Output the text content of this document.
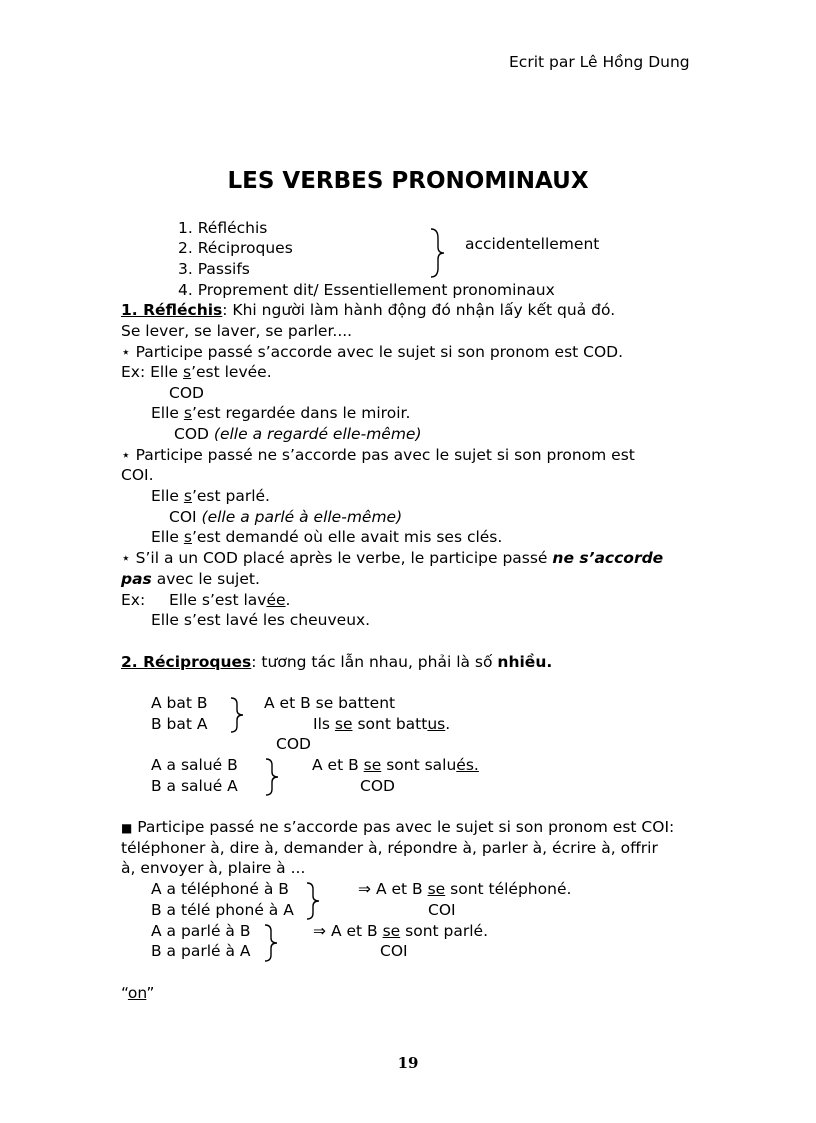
Ecrit par Lê Hồng Dung
LES VERBES PRONOMINAUX
1. Réfléchis
2. Réciproques
3. Passifs
4. Proprement dit/ Essentiellement pronominaux
accidentellement
1. Réfléchis: Khi người làm hành động đó nhận lấy kết quả đó.
Se lever, se laver, se parler....
⋆ Participe passé s’accorde avec le sujet si son pronom est COD.
Ex: Elle s’est levée.
COD
Elle s’est regardée dans le miroir.
COD (elle a regardé elle-même)
⋆ Participe passé ne s’accorde pas avec le sujet si son pronom est
COI.
Elle s’est parlé.
COI (elle a parlé à elle-même)
Elle s’est demandé où elle avait mis ses clés.
⋆ S’il a un COD placé après le verbe, le participe passé ne s’accorde
pas avec le sujet.
Ex: Elle s’est lavée.
Elle s’est lavé les cheuveux.
2. Réciproques: tương tác lẫn nhau, phải là số nhiều.
A bat B
B bat A
A et B se battent
Ils se sont battus.
COD
A a salué B
B a salué A
A et B se sont salués.
COD
■ Participe passé ne s’accorde pas avec le sujet si son pronom est COI:
téléphoner à, dire à, demander à, répondre à, parler à, écrire à, offrir
à, envoyer à, plaire à ...
A a téléphoné à B
B a télé phoné à A
⇒ A et B se sont téléphoné.
COI
A a parlé à B
B a parlé à A
⇒ A et B se sont parlé.
COI
“on”
19
